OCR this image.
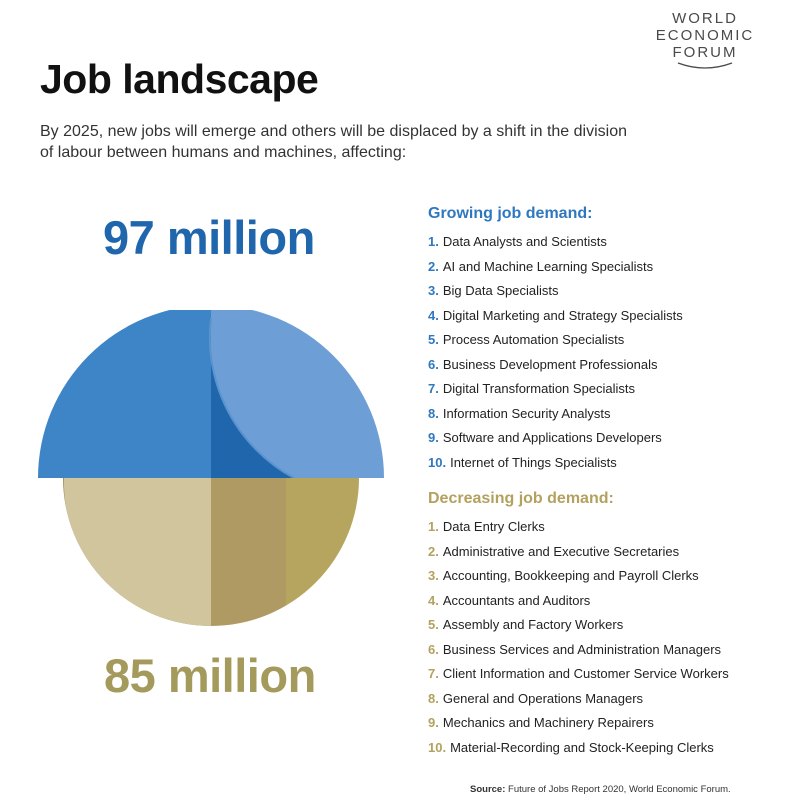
WORLD
ECONOMIC
FORUM
Job landscape
By 2025, new jobs will emerge and others will be displaced by a shift in the division of labour between humans and machines, affecting:
97 million
85 million
Growing job demand:
1. Data Analysts and Scientists
2. AI and Machine Learning Specialists
3. Big Data Specialists
4. Digital Marketing and Strategy Specialists
5. Process Automation Specialists
6. Business Development Professionals
7. Digital Transformation Specialists
8. Information Security Analysts
9. Software and Applications Developers
10. Internet of Things Specialists
Decreasing job demand:
1. Data Entry Clerks
2. Administrative and Executive Secretaries
3. Accounting, Bookkeeping and Payroll Clerks
4. Accountants and Auditors
5. Assembly and Factory Workers
6. Business Services and Administration Managers
7. Client Information and Customer Service Workers
8. General and Operations Managers
9. Mechanics and Machinery Repairers
10. Material-Recording and Stock-Keeping Clerks
Source: Future of Jobs Report 2020, World Economic Forum.
